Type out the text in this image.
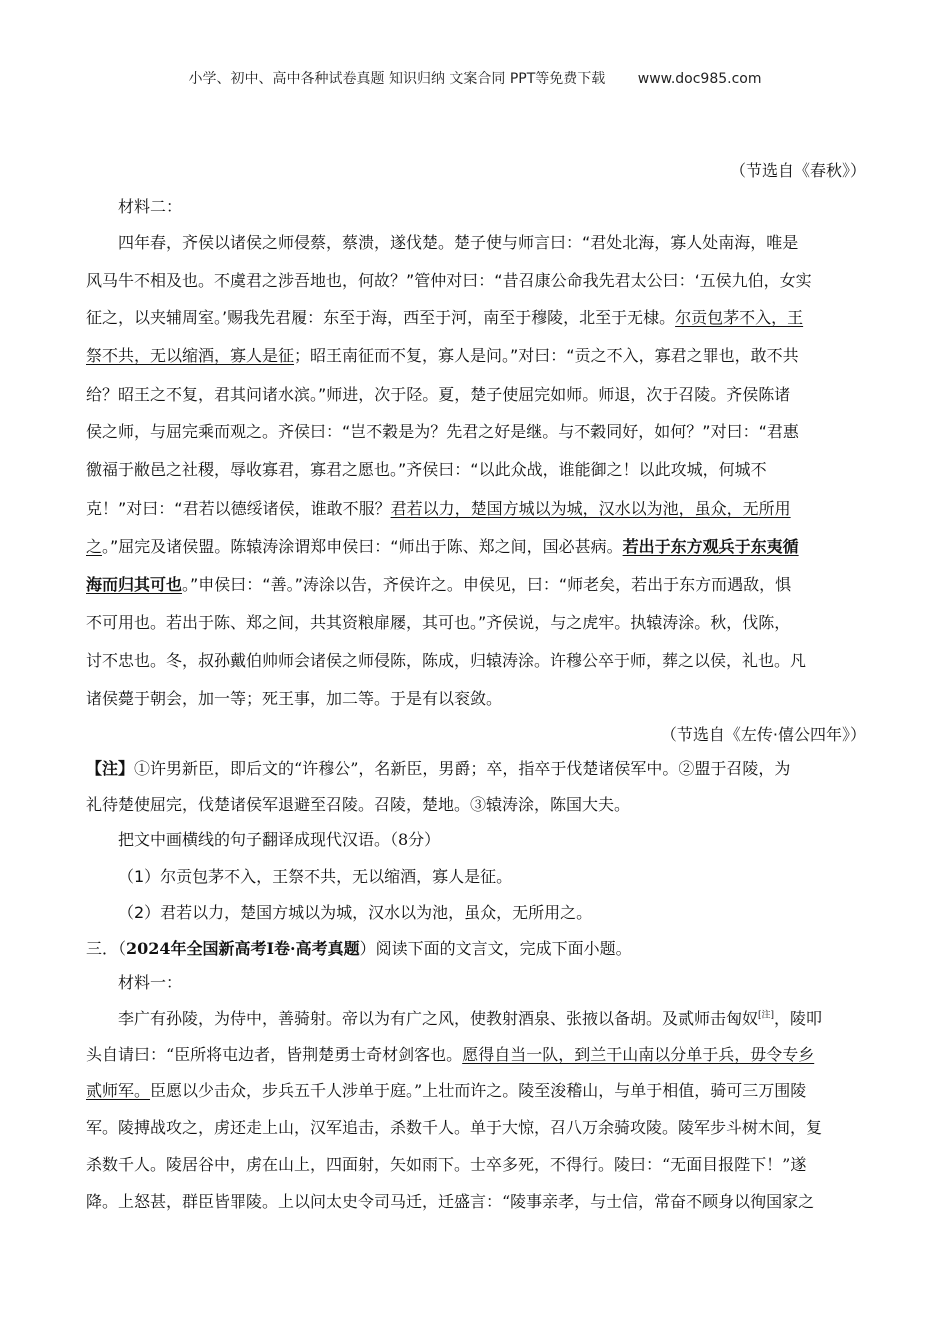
小学、初中、高中各种试卷真题 知识归纳 文案合同 PPT等免费下载 www.doc985.com
（节选自《春秋》）
材料二：
四年春，齐侯以诸侯之师侵蔡，蔡溃，遂伐楚。楚子使与师言曰：“君处北海，寡人处南海，唯是
风马牛不相及也。不虞君之涉吾地也，何故？”管仲对曰：“昔召康公命我先君太公曰：‘五侯九伯，女实
征之，以夹辅周室。’赐我先君履：东至于海，西至于河，南至于穆陵，北至于无棣。尔贡包茅不入，王
祭不共，无以缩酒，寡人是征；昭王南征而不复，寡人是问。”对曰：“贡之不入，寡君之罪也，敢不共
给？昭王之不复，君其问诸水滨。”师进，次于陉。夏，楚子使屈完如师。师退，次于召陵。齐侯陈诸
侯之师，与屈完乘而观之。齐侯曰：“岂不穀是为？先君之好是继。与不穀同好，如何？”对曰：“君惠
徼福于敝邑之社稷，辱收寡君，寡君之愿也。”齐侯曰：“以此众战，谁能御之！以此攻城，何城不
克！”对曰：“君若以德绥诸侯，谁敢不服？君若以力，楚国方城以为城，汉水以为池，虽众，无所用
之。”屈完及诸侯盟。陈辕涛涂谓郑申侯曰：“师出于陈、郑之间，国必甚病。若出于东方观兵于东夷循
海而归其可也。”申侯曰：“善。”涛涂以告，齐侯许之。申侯见，曰：“师老矣，若出于东方而遇敌，惧
不可用也。若出于陈、郑之间，共其资粮扉屦，其可也。”齐侯说，与之虎牢。执辕涛涂。秋，伐陈，
讨不忠也。冬，叔孙戴伯帅师会诸侯之师侵陈，陈成，归辕涛涂。许穆公卒于师，葬之以侯，礼也。凡
诸侯薨于朝会，加一等；死王事，加二等。于是有以衮敛。
（节选自《左传·僖公四年》）
【注】①许男新臣，即后文的“许穆公”，名新臣，男爵；卒，指卒于伐楚诸侯军中。②盟于召陵，为
礼待楚使屈完，伐楚诸侯军退避至召陵。召陵，楚地。③辕涛涂，陈国大夫。
把文中画横线的句子翻译成现代汉语。（8分）
（1）尔贡包茅不入，王祭不共，无以缩酒，寡人是征。
（2）君若以力，楚国方城以为城，汉水以为池，虽众，无所用之。
三．（2024年全国新高考Ⅰ卷·高考真题）阅读下面的文言文，完成下面小题。
材料一：
李广有孙陵，为侍中，善骑射。帝以为有广之风，使教射酒泉、张掖以备胡。及贰师击匈奴[注]，陵叩
头自请曰：“臣所将屯边者，皆荆楚勇士奇材剑客也。愿得自当一队，到兰干山南以分单于兵，毋令专乡
贰师军。臣愿以少击众，步兵五千人涉单于庭。”上壮而许之。陵至浚稽山，与单于相值，骑可三万围陵
军。陵搏战攻之，虏还走上山，汉军追击，杀数千人。单于大惊，召八万余骑攻陵。陵军步斗树木间，复
杀数千人。陵居谷中，虏在山上，四面射，矢如雨下。士卒多死，不得行。陵曰：“无面目报陛下！”遂
降。上怒甚，群臣皆罪陵。上以问太史令司马迁，迁盛言：“陵事亲孝，与士信，常奋不顾身以徇国家之
